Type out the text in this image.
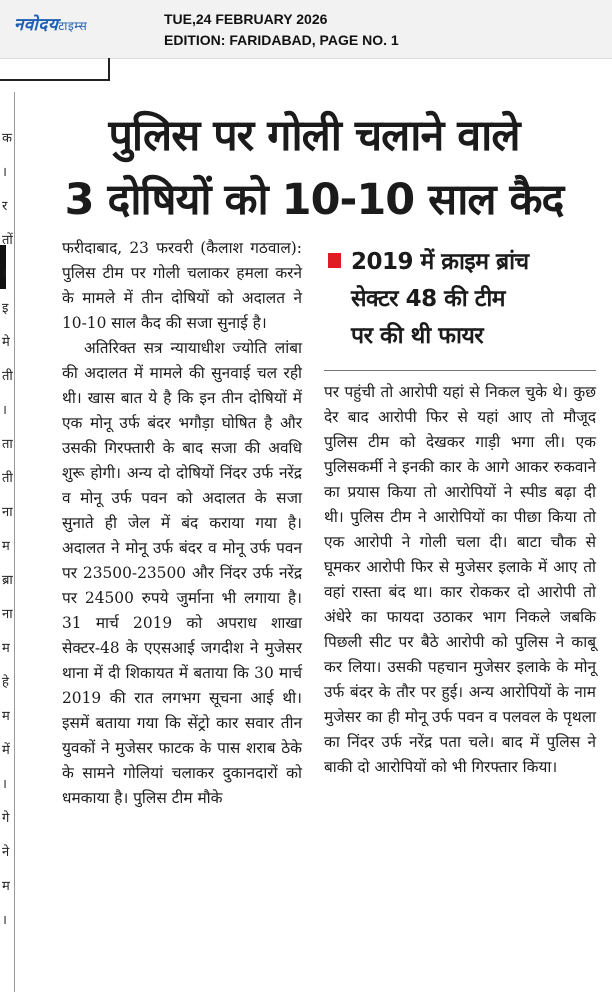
नवोदयटाइम्स	TUE,24 FEBRUARY 2026
EDITION: FARIDABAD, PAGE NO. 1
क
।
र
तों
।
इ
मे
ती
।
ता
ती
ना
म
ब्रा
ना
म
हे
म
में
।
गे
ने
म
।
पुलिस पर गोली चलाने वाले
3 दोषियों को 10-10 साल कैद

फरीदाबाद, 23 फरवरी (कैलाश गठवाल): पुलिस टीम पर गोली चलाकर हमला करने के मामले में तीन दोषियों को अदालत ने 10-10 साल कैद की सजा सुनाई है।

अतिरिक्त सत्र न्यायाधीश ज्योति लांबा की अदालत में मामले की सुनवाई चल रही थी। खास बात ये है कि इन तीन दोषियों में एक मोनू उर्फ बंदर भगौड़ा घोषित है और उसकी गिरफ्तारी के बाद सजा की अवधि शुरू होगी। अन्य दो दोषियों निंदर उर्फ नरेंद्र व मोनू उर्फ पवन को अदालत के सजा सुनाते ही जेल में बंद कराया गया है। अदालत ने मोनू उर्फ बंदर व मोनू उर्फ पवन पर 23500-23500 और निंदर उर्फ नरेंद्र पर 24500 रुपये जुर्माना भी लगाया है। 31 मार्च 2019 को अपराध शाखा सेक्टर-48 के एएसआई जगदीश ने मुजेसर थाना में दी शिकायत में बताया कि 30 मार्च 2019 की रात लगभग सूचना आई थी। इसमें बताया गया कि सेंट्रो कार सवार तीन युवकों ने मुजेसर फाटक के पास शराब ठेके के सामने गोलियां चलाकर दुकानदारों को धमकाया है। पुलिस टीम मौके

2019 में क्राइम ब्रांच
सेक्टर 48 की टीम
पर की थी फायर

पर पहुंची तो आरोपी यहां से निकल चुके थे। कुछ देर बाद आरोपी फिर से यहां आए तो मौजूद पुलिस टीम को देखकर गाड़ी भगा ली। एक पुलिसकर्मी ने इनकी कार के आगे आकर रुकवाने का प्रयास किया तो आरोपियों ने स्पीड बढ़ा दी थी। पुलिस टीम ने आरोपियों का पीछा किया तो एक आरोपी ने गोली चला दी। बाटा चौक से घूमकर आरोपी फिर से मुजेसर इलाके में आए तो वहां रास्ता बंद था। कार रोककर दो आरोपी तो अंधेरे का फायदा उठाकर भाग निकले जबकि पिछली सीट पर बैठे आरोपी को पुलिस ने काबू कर लिया। उसकी पहचान मुजेसर इलाके के मोनू उर्फ बंदर के तौर पर हुई। अन्य आरोपियों के नाम मुजेसर का ही मोनू उर्फ पवन व पलवल के पृथला का निंदर उर्फ नरेंद्र पता चले। बाद में पुलिस ने बाकी दो आरोपियों को भी गिरफ्तार किया।
